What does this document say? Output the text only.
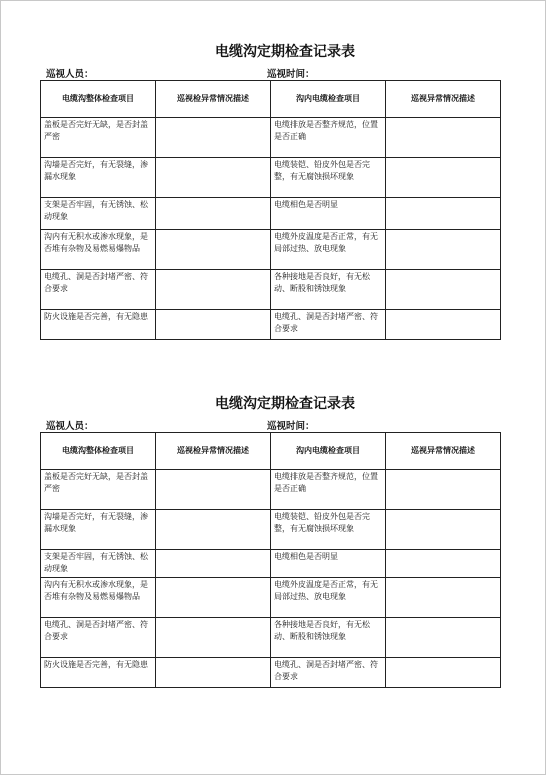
电缆沟定期检查记录表
巡视人员：	巡视时间：
电缆沟整体检查项目	巡视检异常情况描述	沟内电缆检查项目	巡视异常情况描述
盖板是否完好无缺，是否封盖严密		电缆排放是否整齐规范，位置是否正确	
沟墙是否完好，有无裂缝，渗漏水现象		电缆装铠、铅皮外包是否完整，有无腐蚀损坏现象	
支架是否牢固，有无锈蚀、松动现象		电缆相色是否明显	
沟内有无积水或渗水现象，是否堆有杂物及易燃易爆物品		电缆外皮温度是否正常，有无局部过热、放电现象	
电缆孔、洞是否封堵严密、符合要求		各种接地是否良好，有无松动、断股和锈蚀现象	
防火设施是否完善，有无隐患		电缆孔、洞是否封堵严密、符合要求	
电缆沟定期检查记录表
巡视人员：	巡视时间：
电缆沟整体检查项目	巡视检异常情况描述	沟内电缆检查项目	巡视异常情况描述
盖板是否完好无缺，是否封盖严密		电缆排放是否整齐规范，位置是否正确	
沟墙是否完好，有无裂缝，渗漏水现象		电缆装铠、铅皮外包是否完整，有无腐蚀损坏现象	
支架是否牢固，有无锈蚀、松动现象		电缆相色是否明显	
沟内有无积水或渗水现象，是否堆有杂物及易燃易爆物品		电缆外皮温度是否正常，有无局部过热、放电现象	
电缆孔、洞是否封堵严密、符合要求		各种接地是否良好，有无松动、断股和锈蚀现象	
防火设施是否完善，有无隐患		电缆孔、洞是否封堵严密、符合要求	
